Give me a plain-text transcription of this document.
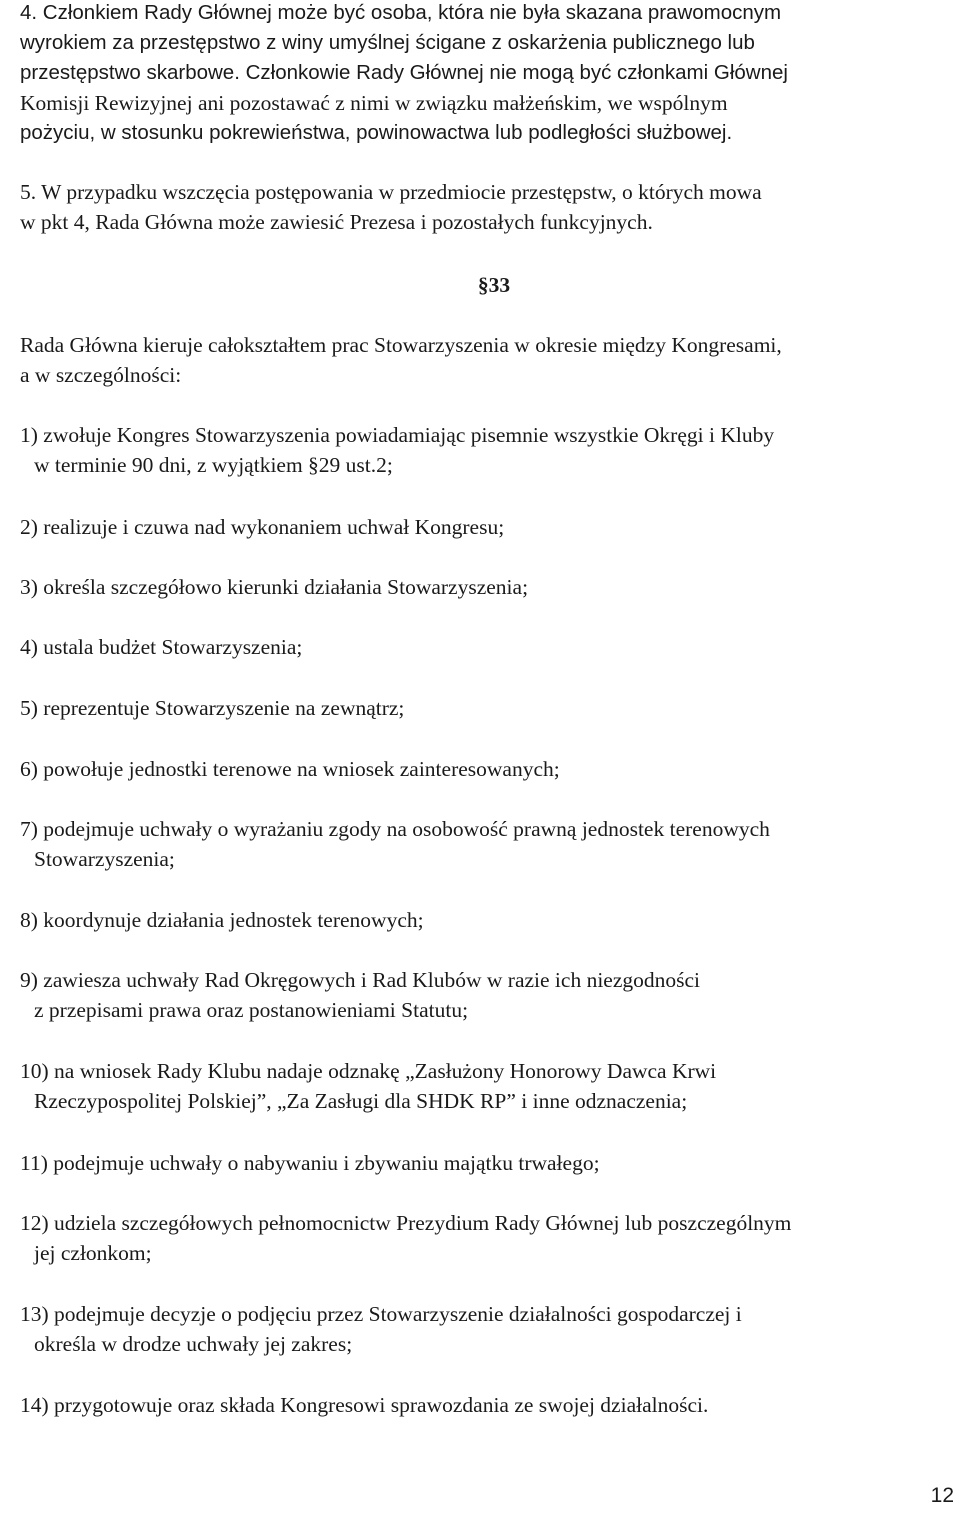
4. Członkiem Rady Głównej może być osoba, która nie była skazana prawomocnym
wyrokiem za przestępstwo z winy umyślnej ścigane z oskarżenia publicznego lub
przestępstwo skarbowe. Członkowie Rady Głównej nie mogą być członkami Głównej
Komisji Rewizyjnej ani pozostawać z nimi w związku małżeńskim, we wspólnym
pożyciu, w stosunku pokrewieństwa, powinowactwa lub podległości służbowej.

5. W przypadku wszczęcia postępowania w przedmiocie przestępstw, o których mowa
w pkt 4, Rada Główna może zawiesić Prezesa i pozostałych funkcyjnych.

§33

Rada Główna kieruje całokształtem prac Stowarzyszenia w okresie między Kongresami,
a w szczególności:

1) zwołuje Kongres Stowarzyszenia powiadamiając pisemnie wszystkie Okręgi i Kluby
w terminie 90 dni, z wyjątkiem §29 ust.2;

2) realizuje i czuwa nad wykonaniem uchwał Kongresu;

3) określa szczegółowo kierunki działania Stowarzyszenia;

4) ustala budżet Stowarzyszenia;

5) reprezentuje Stowarzyszenie na zewnątrz;

6) powołuje jednostki terenowe na wniosek zainteresowanych;

7) podejmuje uchwały o wyrażaniu zgody na osobowość prawną jednostek terenowych
Stowarzyszenia;

8) koordynuje działania jednostek terenowych;

9) zawiesza uchwały Rad Okręgowych i Rad Klubów w razie ich niezgodności
z przepisami prawa oraz postanowieniami Statutu;

10) na wniosek Rady Klubu nadaje odznakę „Zasłużony Honorowy Dawca Krwi
Rzeczypospolitej Polskiej”, „Za Zasługi dla SHDK RP” i inne odznaczenia;

11) podejmuje uchwały o nabywaniu i zbywaniu majątku trwałego;

12) udziela szczegółowych pełnomocnictw Prezydium Rady Głównej lub poszczególnym
jej członkom;

13) podejmuje decyzje o podjęciu przez Stowarzyszenie działalności gospodarczej i
określa w drodze uchwały jej zakres;

14) przygotowuje oraz składa Kongresowi sprawozdania ze swojej działalności.

12
